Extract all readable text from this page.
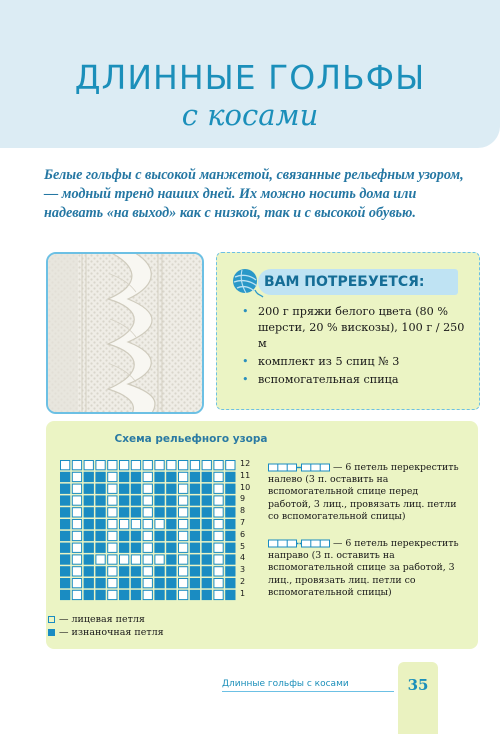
ДЛИННЫЕ ГОЛЬФЫ
с косами
Белые гольфы с высокой манжетой, связанные рельефным узором, — модный тренд наших дней. Их можно носить дома или надевать «на выход» как с низкой, так и с высокой обувью.
ВАМ ПОТРЕБУЕТСЯ:
• 200 г пряжи белого цвета (80 % шерсти, 20 % вискозы), 100 г / 250 м
• комплект из 5 спиц № 3
• вспомогательная спица
Схема рельефного узора
12
11
10
9
8
7
6
5
4
3
2
1
— 6 петель перекрестить налево (3 п. оставить на вспомогательной спице перед работой, 3 лиц., провязать лиц. петли со вспомогательной спицы)
— 6 петель перекрестить направо (3 п. оставить на вспомогательной спице за работой, 3 лиц., провязать лиц. петли со вспомогательной спицы)
— лицевая петля
— изнаночная петля
Длинные гольфы с косами	35
